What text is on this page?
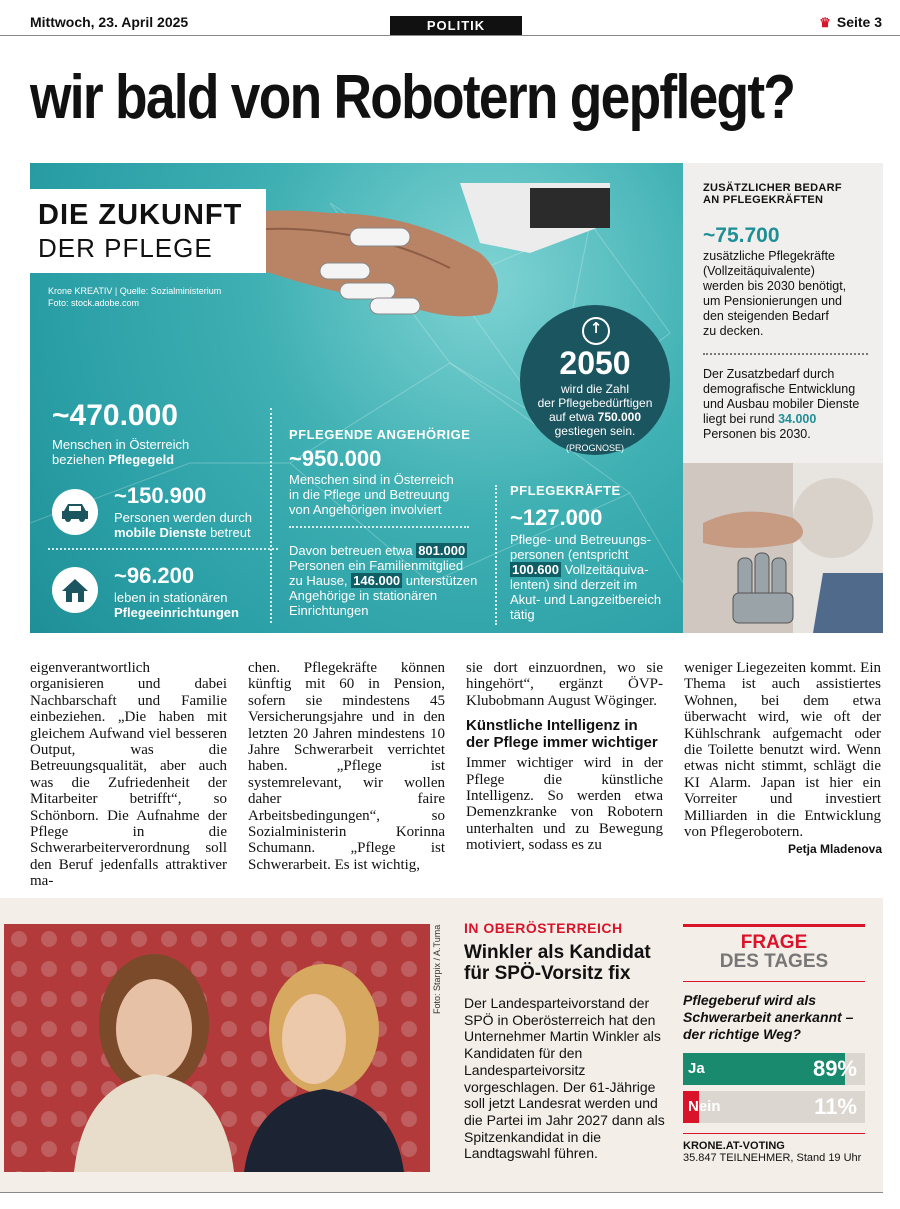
Mittwoch, 23. April 2025	POLITIK	♛ Seite 3
wir bald von Robotern gepflegt?
DIE ZUKUNFT
DER PFLEGE
Krone KREATIV | Quelle: Sozialministerium
Foto: stock.adobe.com
~470.000
Menschen in Österreich
beziehen Pflegegeld
~150.900
Personen werden durch
mobile Dienste betreut
~96.200
leben in stationären
Pflegeeinrichtungen
PFLEGENDE ANGEHÖRIGE
~950.000
Menschen sind in Österreich
in die Pflege und Betreuung
von Angehörigen involviert
Davon betreuen etwa 801.000
Personen ein Familienmitglied
zu Hause, 146.000 unterstützen
Angehörige in stationären
Einrichtungen
↑
2050
wird die Zahl
der Pflegebedürftigen
auf etwa 750.000
gestiegen sein.
(PROGNOSE)
PFLEGEKRÄFTE
~127.000
Pflege- und Betreuungs-
personen (entspricht
100.600 Vollzeitäquiva-
lenten) sind derzeit im
Akut- und Langzeitbereich
tätig
ZUSÄTZLICHER BEDARF
AN PFLEGEKRÄFTEN
~75.700
zusätzliche Pflegekräfte
(Vollzeitäquivalente)
werden bis 2030 benötigt,
um Pensionierungen und
den steigenden Bedarf
zu decken.
Der Zusatzbedarf durch
demografische Entwicklung
und Ausbau mobiler Dienste
liegt bei rund 34.000
Personen bis 2030.
eigenverantwortlich organisieren und dabei Nachbarschaft und Familie einbeziehen. „Die haben mit gleichem Aufwand viel besseren Output, was die Betreuungsqualität, aber auch was die Zufriedenheit der Mitarbeiter betrifft“, so Schönborn. Die Aufnahme der Pflege in die Schwerarbeiterverordnung soll den Beruf jedenfalls attraktiver ma-
chen. Pflegekräfte können künftig mit 60 in Pension, sofern sie mindestens 45 Versicherungsjahre und in den letzten 20 Jahren mindestens 10 Jahre Schwerarbeit verrichtet haben. „Pflege ist systemrelevant, wir wollen daher faire Arbeitsbedingungen“, so Sozialministerin Korinna Schumann. „Pflege ist Schwerarbeit. Es ist wichtig,
sie dort einzuordnen, wo sie hingehört“, ergänzt ÖVP-Klubobmann August Wöginger.
Künstliche Intelligenz in der Pflege immer wichtiger
Immer wichtiger wird in der Pflege die künstliche Intelligenz. So werden etwa Demenzkranke von Robotern unterhalten und zu Bewegung motiviert, sodass es zu
weniger Liegezeiten kommt. Ein Thema ist auch assistiertes Wohnen, bei dem etwa überwacht wird, wie oft der Kühlschrank aufgemacht oder die Toilette benutzt wird. Wenn etwas nicht stimmt, schlägt die KI Alarm. Japan ist hier ein Vorreiter und investiert Milliarden in die Entwicklung von Pflegerobotern.
Petja Mladenova
Foto: Starpix / A.Tuma IN OBERÖSTERREICH
Winkler als Kandidat für SPÖ-Vorsitz fix
Der Landesparteivorstand der SPÖ in Oberösterreich hat den Unternehmer Martin Winkler als Kandidaten für den Landesparteivorsitz vorgeschlagen. Der 61-Jährige soll jetzt Landesrat werden und die Partei im Jahr 2027 dann als Spitzenkandidat in die Landtagswahl führen.
FRAGE
DES TAGES
Pflegeberuf wird als Schwerarbeit anerkannt – der richtige Weg?
Ja	89%
Nein	11%
KRONE.AT-VOTING
35.847 TEILNEHMER, Stand 19 Uhr
